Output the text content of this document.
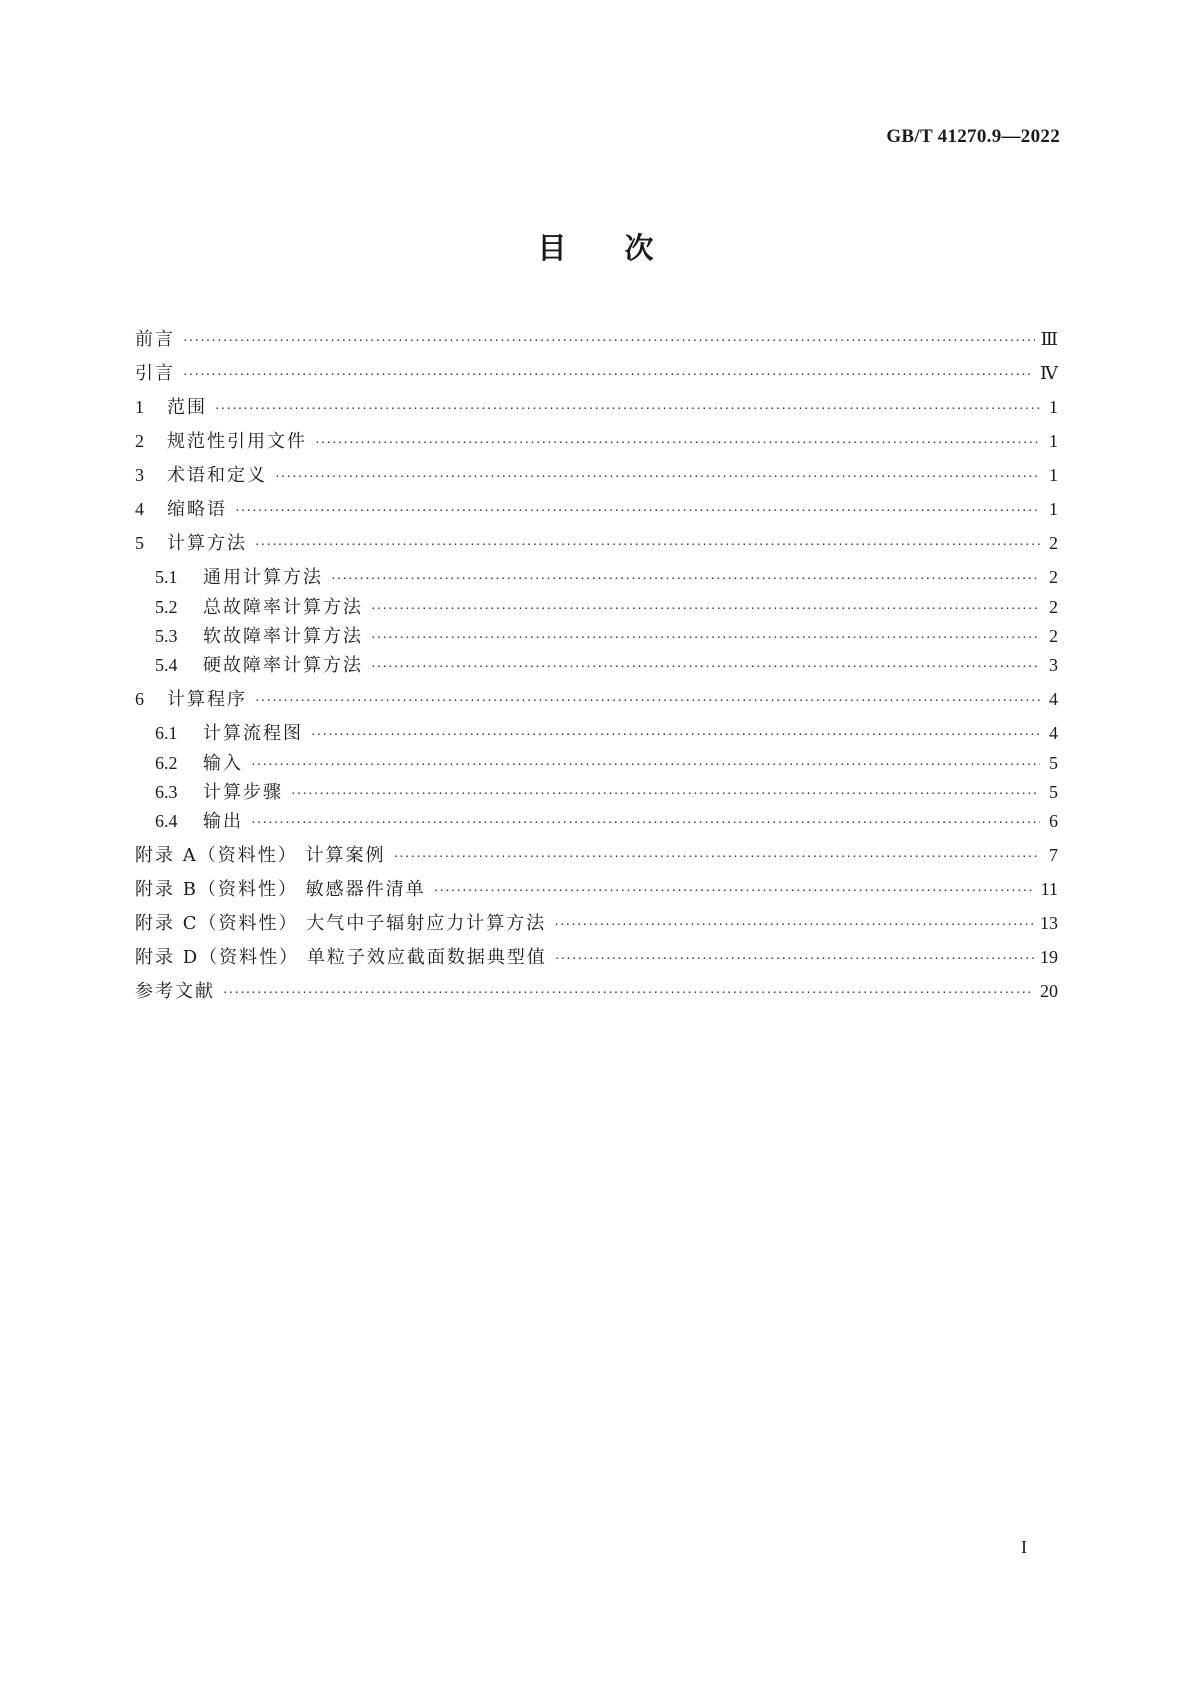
GB/T 41270.9—2022
目次
前言 ·····	Ⅲ
引言 ·····	Ⅳ
1	范围 ·····	1
2	规范性引用文件 ·····	1
3	术语和定义 ·····	1
4	缩略语 ·····	1
5	计算方法 ·····	2
5.1	通用计算方法 ·····	2
5.2	总故障率计算方法 ·····	2
5.3	软故障率计算方法 ·····	2
5.4	硬故障率计算方法 ·····	3
6	计算程序 ·····	4
6.1	计算流程图 ·····	4
6.2	输入 ·····	5
6.3	计算步骤 ·····	5
6.4	输出 ·····	6
附录 A（资料性） 计算案例 ·····	7
附录 B（资料性） 敏感器件清单 ·····	11
附录 C（资料性） 大气中子辐射应力计算方法 ·····	13
附录 D（资料性） 单粒子效应截面数据典型值 ·····	19
参考文献 ·····	20
I
